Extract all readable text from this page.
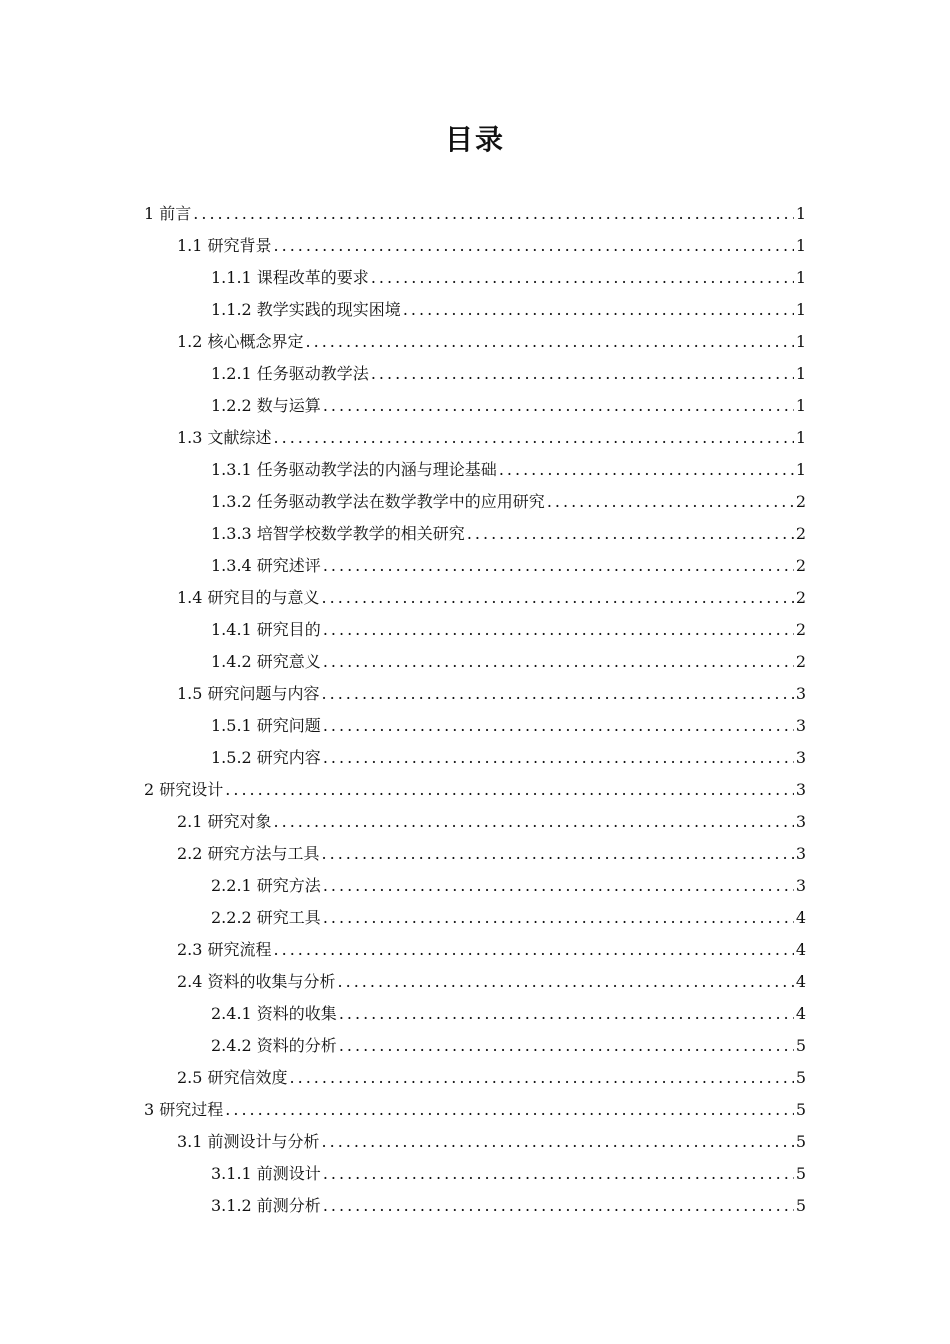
目录
1 前言 .....	1
1.1 研究背景 .....	1
1.1.1 课程改革的要求 .....	1
1.1.2 教学实践的现实困境 .....	1
1.2 核心概念界定 .....	1
1.2.1 任务驱动教学法 .....	1
1.2.2 数与运算 .....	1
1.3 文献综述 .....	1
1.3.1 任务驱动教学法的内涵与理论基础 .....	1
1.3.2 任务驱动教学法在数学教学中的应用研究 .....	2
1.3.3 培智学校数学教学的相关研究 .....	2
1.3.4 研究述评 .....	2
1.4 研究目的与意义 .....	2
1.4.1 研究目的 .....	2
1.4.2 研究意义 .....	2
1.5 研究问题与内容 .....	3
1.5.1 研究问题 .....	3
1.5.2 研究内容 .....	3
2 研究设计 .....	3
2.1 研究对象 .....	3
2.2 研究方法与工具 .....	3
2.2.1 研究方法 .....	3
2.2.2 研究工具 .....	4
2.3 研究流程 .....	4
2.4 资料的收集与分析 .....	4
2.4.1 资料的收集 .....	4
2.4.2 资料的分析 .....	5
2.5 研究信效度 .....	5
3 研究过程 .....	5
3.1 前测设计与分析 .....	5
3.1.1 前测设计 .....	5
3.1.2 前测分析 .....	5
